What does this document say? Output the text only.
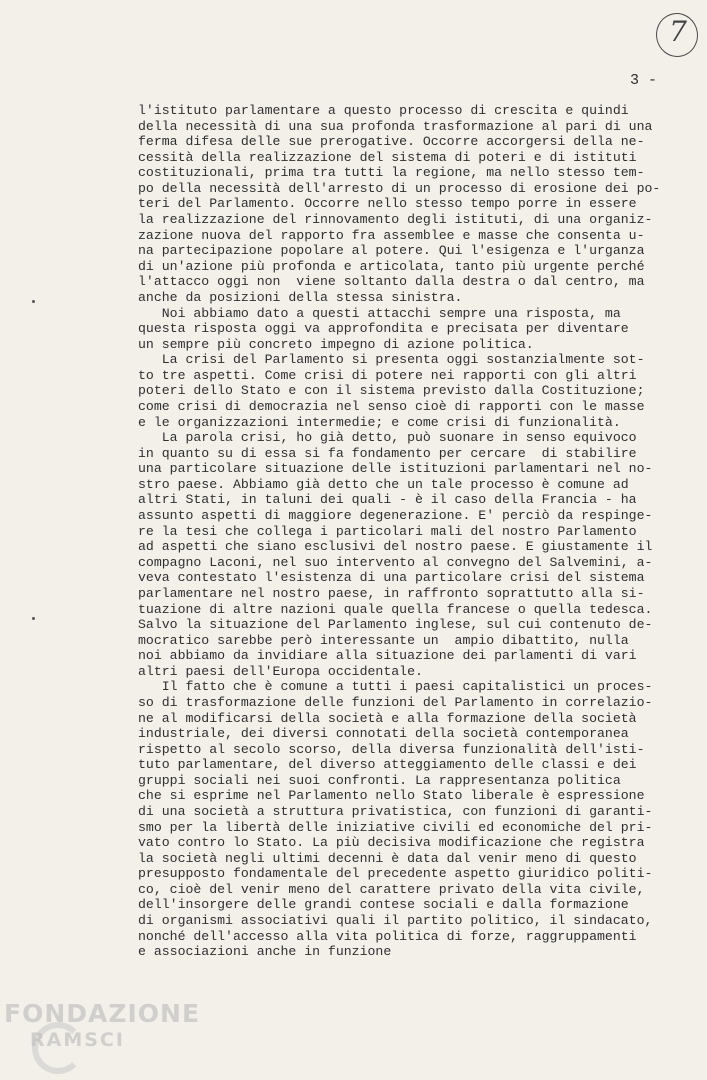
7
3 -
l'istituto parlamentare a questo processo di crescita e quindi
della necessità di una sua profonda trasformazione al pari di una
ferma difesa delle sue prerogative. Occorre accorgersi della ne-
cessità della realizzazione del sistema di poteri e di istituti
costituzionali, prima tra tutti la regione, ma nello stesso tem-
po della necessità dell'arresto di un processo di erosione dei po-
teri del Parlamento. Occorre nello stesso tempo porre in essere
la realizzazione del rinnovamento degli istituti, di una organiz-
zazione nuova del rapporto fra assemblee e masse che consenta u-
na partecipazione popolare al potere. Qui l'esigenza e l'urganza
di un'azione più profonda e articolata, tanto più urgente perché
l'attacco oggi non  viene soltanto dalla destra o dal centro, ma
anche da posizioni della stessa sinistra.
Noi abbiamo dato a questi attacchi sempre una risposta, ma
questa risposta oggi va approfondita e precisata per diventare
un sempre più concreto impegno di azione politica.
La crisi del Parlamento si presenta oggi sostanzialmente sot-
to tre aspetti. Come crisi di potere nei rapporti con gli altri
poteri dello Stato e con il sistema previsto dalla Costituzione;
come crisi di democrazia nel senso cioè di rapporti con le masse
e le organizzazioni intermedie; e come crisi di funzionalità.
La parola crisi, ho già detto, può suonare in senso equivoco
in quanto su di essa si fa fondamento per cercare  di stabilire
una particolare situazione delle istituzioni parlamentari nel no-
stro paese. Abbiamo già detto che un tale processo è comune ad
altri Stati, in taluni dei quali - è il caso della Francia - ha
assunto aspetti di maggiore degenerazione. E' perciò da respinge-
re la tesi che collega i particolari mali del nostro Parlamento
ad aspetti che siano esclusivi del nostro paese. E giustamente il
compagno Laconi, nel suo intervento al convegno del Salvemini, a-
veva contestato l'esistenza di una particolare crisi del sistema
parlamentare nel nostro paese, in raffronto soprattutto alla si-
tuazione di altre nazioni quale quella francese o quella tedesca.
Salvo la situazione del Parlamento inglese, sul cui contenuto de-
mocratico sarebbe però interessante un  ampio dibattito, nulla
noi abbiamo da invidiare alla situazione dei parlamenti di vari
altri paesi dell'Europa occidentale.
Il fatto che è comune a tutti i paesi capitalistici un proces-
so di trasformazione delle funzioni del Parlamento in correlazio-
ne al modificarsi della società e alla formazione della società
industriale, dei diversi connotati della società contemporanea
rispetto al secolo scorso, della diversa funzionalità dell'isti-
tuto parlamentare, del diverso atteggiamento delle classi e dei
gruppi sociali nei suoi confronti. La rappresentanza politica
che si esprime nel Parlamento nello Stato liberale è espressione
di una società a struttura privatistica, con funzioni di garanti-
smo per la libertà delle iniziative civili ed economiche del pri-
vato contro lo Stato. La più decisiva modificazione che registra
la società negli ultimi decenni è data dal venir meno di questo
presupposto fondamentale del precedente aspetto giuridico politi-
co, cioè del venir meno del carattere privato della vita civile,
dell'insorgere delle grandi contese sociali e dalla formazione
di organismi associativi quali il partito politico, il sindacato,
nonché dell'accesso alla vita politica di forze, raggruppamenti
e associazioni anche in funzione
FONDAZIONE
RAMSCI
